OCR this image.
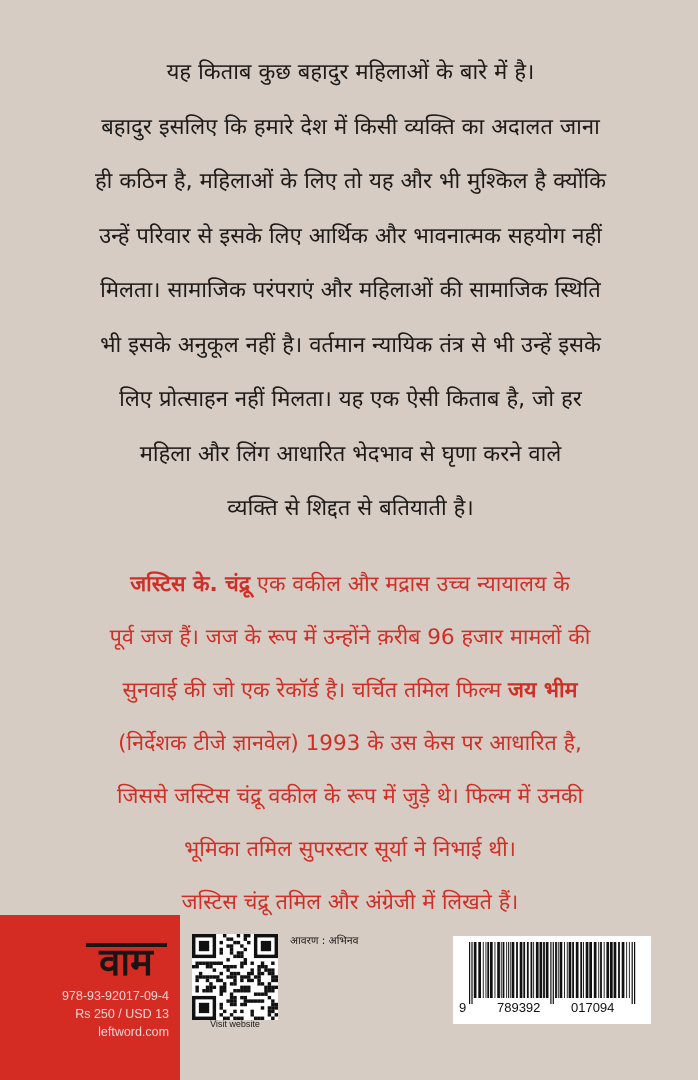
यह किताब कुछ बहादुर महिलाओं के बारे में है।
बहादुर इसलिए कि हमारे देश में किसी व्यक्ति का अदालत जाना
ही कठिन है, महिलाओं के लिए तो यह और भी मुश्किल है क्योंकि
उन्हें परिवार से इसके लिए आर्थिक और भावनात्मक सहयोग नहीं
मिलता। सामाजिक परंपराएं और महिलाओं की सामाजिक स्थिति
भी इसके अनुकूल नहीं है। वर्तमान न्यायिक तंत्र से भी उन्हें इसके
लिए प्रोत्साहन नहीं मिलता। यह एक ऐसी किताब है, जो हर
महिला और लिंग आधारित भेदभाव से घृणा करने वाले
व्यक्ति से शिद्दत से बतियाती है।
जस्टिस के. चंद्रू एक वकील और मद्रास उच्च न्यायालय के
पूर्व जज हैं। जज के रूप में उन्होंने क़रीब 96 हजार मामलों की
सुनवाई की जो एक रेकॉर्ड है। चर्चित तमिल फिल्म जय भीम
(निर्देशक टीजे ज्ञानवेल) 1993 के उस केस पर आधारित है,
जिससे जस्टिस चंद्रू वकील के रूप में जुड़े थे। फिल्म में उनकी
भूमिका तमिल सुपरस्टार सूर्या ने निभाई थी।
जस्टिस चंद्रू तमिल और अंग्रेजी में लिखते हैं।
वाम
978-93-92017-09-4
Rs 250 / USD 13
leftword.com
Visit website
आवरण : अभिनव
9 789392 017094
